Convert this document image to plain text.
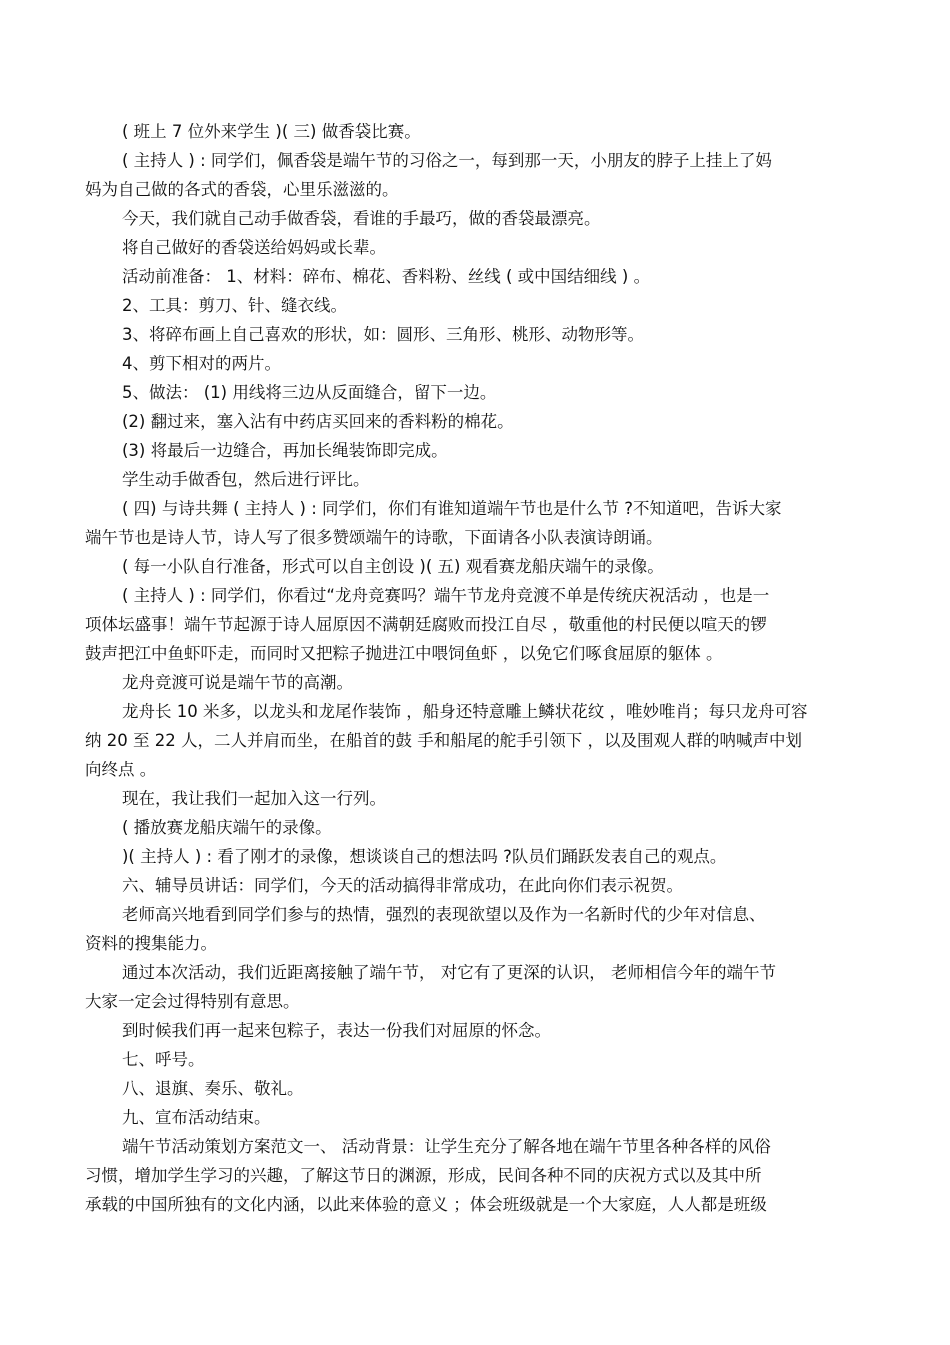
( 班上 7 位外来学生 )( 三) 做香袋比赛。
( 主持人 ) : 同学们，佩香袋是端午节的习俗之一，每到那一天，小朋友的脖子上挂上了妈
妈为自己做的各式的香袋，心里乐滋滋的。
今天，我们就自己动手做香袋，看谁的手最巧，做的香袋最漂亮。
将自己做好的香袋送给妈妈或长辈。
活动前准备： 1、材料：碎布、棉花、香料粉、丝线 ( 或中国结细线 ) 。
2、工具：剪刀、针、缝衣线。
3、将碎布画上自己喜欢的形状，如：圆形、三角形、桃形、动物形等。
4、剪下相对的两片。
5、做法： (1) 用线将三边从反面缝合，留下一边。
(2) 翻过来，塞入沾有中药店买回来的香料粉的棉花。
(3) 将最后一边缝合，再加长绳装饰即完成。
学生动手做香包，然后进行评比。
( 四) 与诗共舞 ( 主持人 ) : 同学们，你们有谁知道端午节也是什么节 ?不知道吧，告诉大家
端午节也是诗人节，诗人写了很多赞颂端午的诗歌，下面请各小队表演诗朗诵。
( 每一小队自行准备，形式可以自主创设 )( 五) 观看赛龙船庆端午的录像。
( 主持人 ) : 同学们，你看过“龙舟竞赛吗？端午节龙舟竞渡不单是传统庆祝活动 ，也是一
项体坛盛事！端午节起源于诗人屈原因不满朝廷腐败而投江自尽 ，敬重他的村民便以喧天的锣
鼓声把江中鱼虾吓走，而同时又把粽子抛进江中喂饲鱼虾 ，以免它们啄食屈原的躯体 。
龙舟竞渡可说是端午节的高潮。
龙舟长 10 米多，以龙头和龙尾作装饰 ，船身还特意雕上鳞状花纹 ，唯妙唯肖；每只龙舟可容
纳 20 至 22 人，二人并肩而坐，在船首的鼓 手和船尾的舵手引领下 ，以及围观人群的呐喊声中划
向终点 。
现在，我让我们一起加入这一行列。
( 播放赛龙船庆端午的录像。
)( 主持人 ) : 看了刚才的录像，想谈谈自己的想法吗 ?队员们踊跃发表自己的观点。
六、辅导员讲话：同学们，今天的活动搞得非常成功，在此向你们表示祝贺。
老师高兴地看到同学们参与的热情，强烈的表现欲望以及作为一名新时代的少年对信息、
资料的搜集能力。
通过本次活动，我们近距离接触了端午节， 对它有了更深的认识， 老师相信今年的端午节
大家一定会过得特别有意思。
到时候我们再一起来包粽子，表达一份我们对屈原的怀念。
七、呼号。
八、退旗、奏乐、敬礼。
九、宣布活动结束。
端午节活动策划方案范文一、 活动背景：让学生充分了解各地在端午节里各种各样的风俗
习惯，增加学生学习的兴趣，了解这节日的渊源，形成，民间各种不同的庆祝方式以及其中所
承载的中国所独有的文化内涵，以此来体验的意义 ；体会班级就是一个大家庭，人人都是班级
